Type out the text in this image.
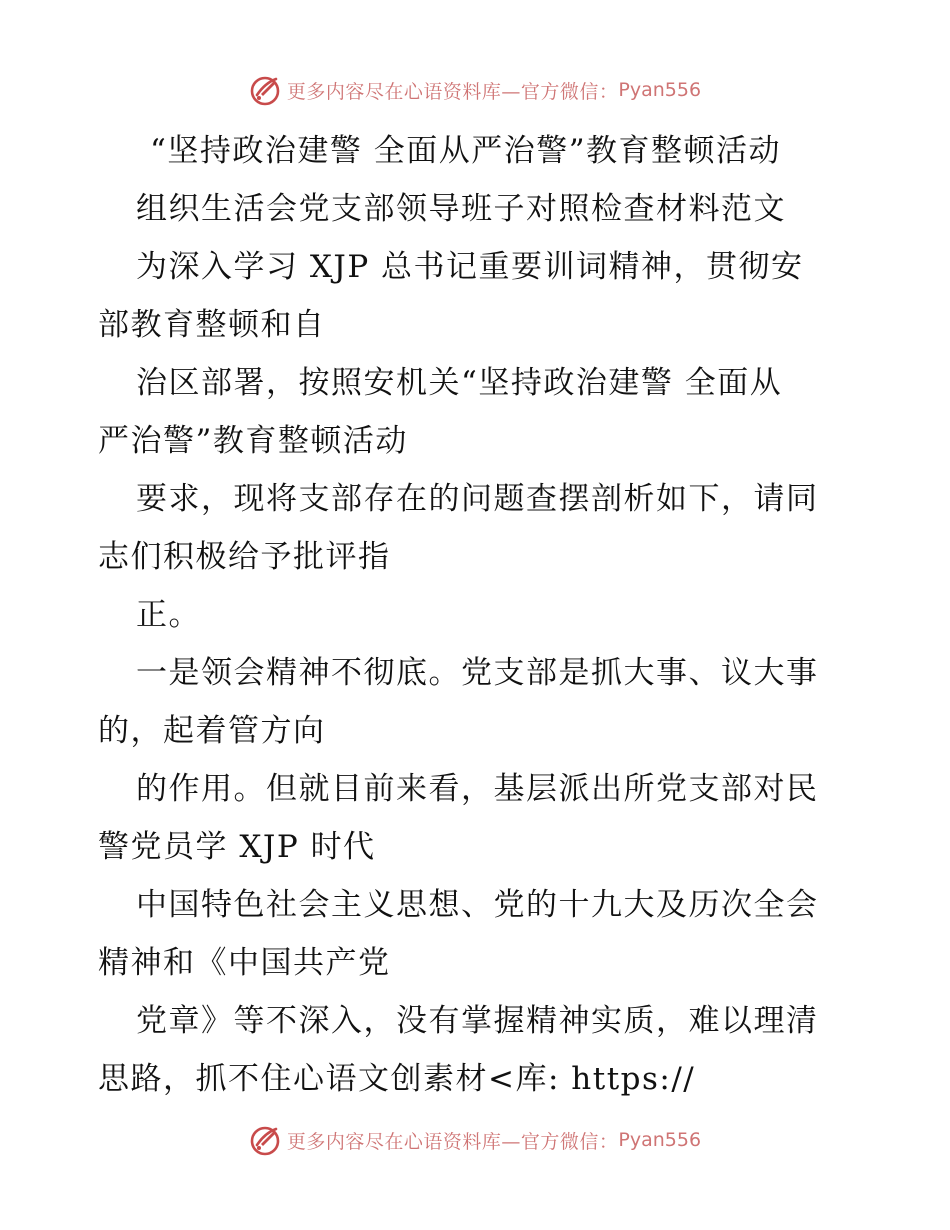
更多内容尽在心语资料库—官方微信： Pyan556
“坚持政治建警 全面从严治警”教育整顿活动
组织生活会党支部领导班子对照检查材料范文
为深入学习 XJP 总书记重要训词精神，贯彻安
部教育整顿和自
治区部署，按照安机关“坚持政治建警 全面从
严治警”教育整顿活动
要求，现将支部存在的问题查摆剖析如下，请同
志们积极给予批评指
正。
一是领会精神不彻底。党支部是抓大事、议大事
的，起着管方向
的作用。但就目前来看，基层派出所党支部对民
警党员学 XJP 时代
中国特色社会主义思想、党的十九大及历次全会
精神和《中国共产党
党章》等不深入，没有掌握精神实质，难以理清
思路，抓不住心语文创素材<库: https://
更多内容尽在心语资料库—官方微信： Pyan556
